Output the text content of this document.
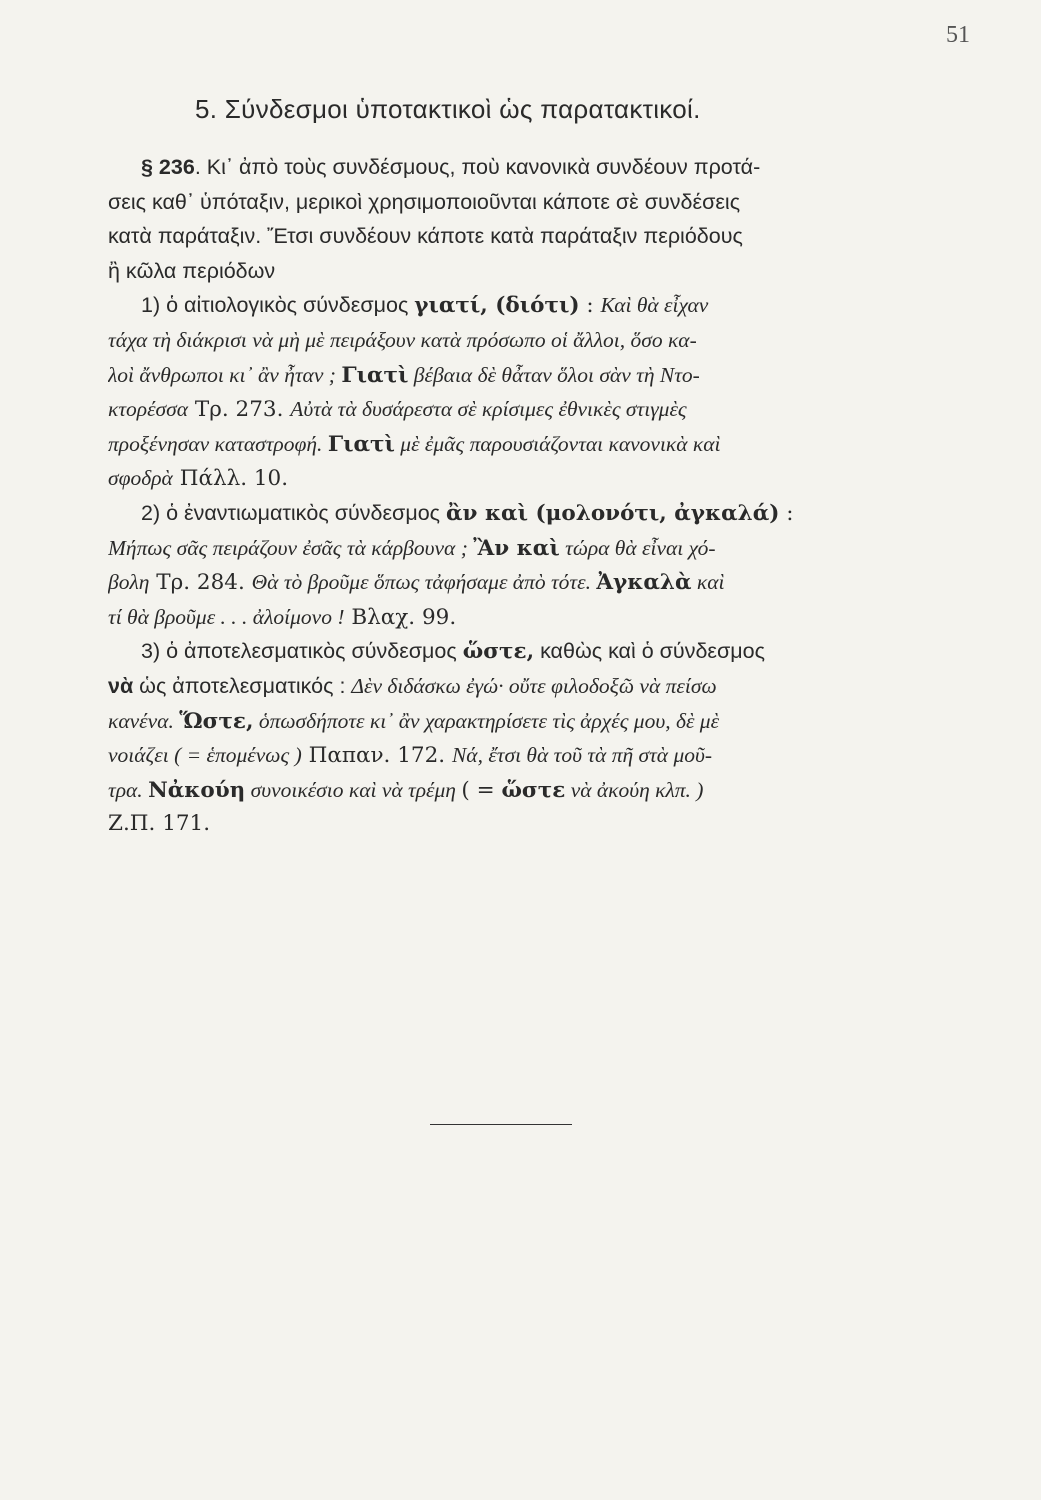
51
5. Σύνδεσμοι ὑποτακτικοὶ ὡς παρατακτικοί.
§ 236. Κι᾽ ἀπὸ τοὺς συνδέσμους, ποὺ κανονικὰ συνδέουν προτά-
σεις καθ᾽ ὑπόταξιν, μερικοὶ χρησιμοποιοῦνται κάποτε σὲ συνδέσεις
κατὰ παράταξιν. Ἔτσι συνδέουν κάποτε κατὰ παράταξιν περιόδους
ἢ κῶλα περιόδων
1) ὁ αἰτιολογικὸς σύνδεσμος γιατί, (διότι) : Καὶ θὰ εἶχαν
τάχα τὴ διάκρισι νὰ μὴ μὲ πειράξουν κατὰ πρόσωπο οἱ ἄλλοι, ὅσο κα-
λοὶ ἄνθρωποι κι᾽ ἂν ἦταν ; Γιατὶ βέβαια δὲ θἆταν ὅλοι σὰν τὴ Ντο-
κτορέσσα Τρ. 273. Αὐτὰ τὰ δυσάρεστα σὲ κρίσιμες ἐθνικὲς στιγμὲς
προξένησαν καταστροφή. Γιατὶ μὲ ἐμᾶς παρουσιάζονται κανονικὰ καὶ
σφοδρὰ Πάλλ. 10.
2) ὁ ἐναντιωματικὸς σύνδεσμος ἂν καὶ (μολονότι, ἀγκαλά) :
Μήπως σᾶς πειράζουν ἐσᾶς τὰ κάρβουνα ; Ἂν καὶ τώρα θὰ εἶναι χό-
βολη Τρ. 284. Θὰ τὸ βροῦμε ὅπως τἀφήσαμε ἀπὸ τότε. Ἀγκαλὰ καὶ
τί θὰ βροῦμε . . . ἀλοίμονο ! Βλαχ. 99.
3) ὁ ἀποτελεσματικὸς σύνδεσμος ὥστε, καθὼς καὶ ὁ σύνδεσμος
νὰ ὡς ἀποτελεσματικός : Δὲν διδάσκω ἐγώ· οὔτε φιλοδοξῶ νὰ πείσω
κανένα. Ὥστε, ὁπωσδήποτε κι᾽ ἂν χαρακτηρίσετε τὶς ἀρχές μου, δὲ μὲ
νοιάζει ( = ἑπομένως ) Παπαν. 172. Νά, ἔτσι θὰ τοῦ τὰ πῆ στὰ μοῦ-
τρα. Νἀκούη συνοικέσιο καὶ νὰ τρέμη ( = ὥστε νὰ ἀκούη κλπ. )
Ζ.Π. 171.
